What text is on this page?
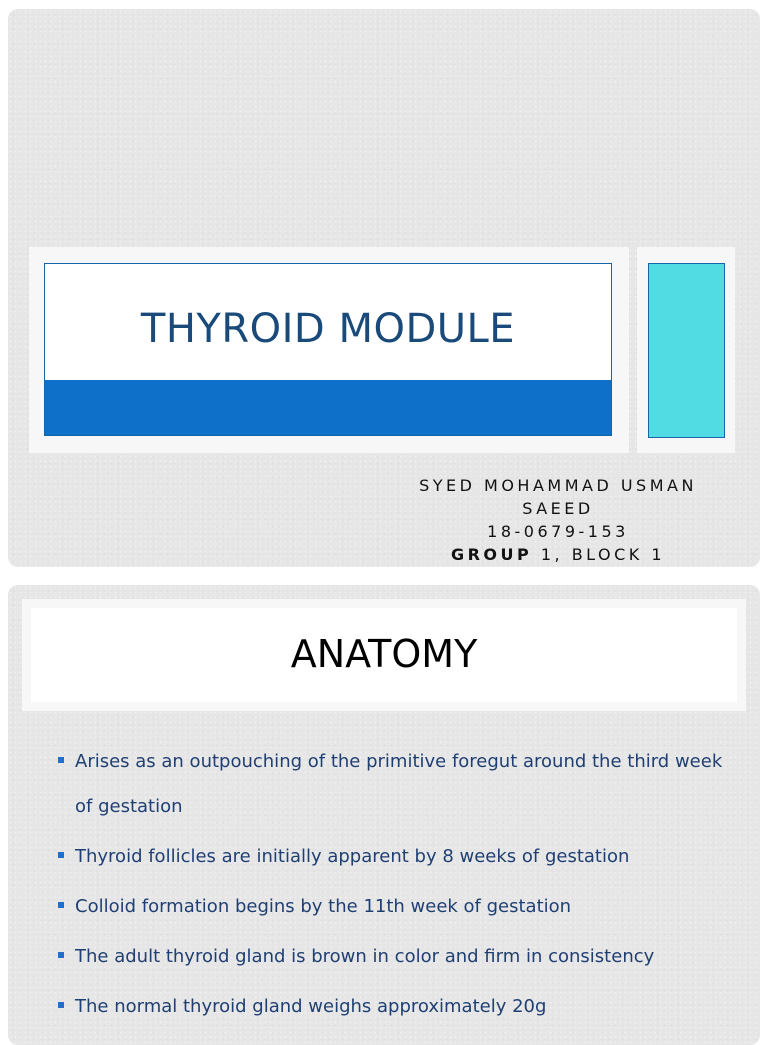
THYROID MODULE
SYED MOHAMMAD USMAN
SAEED
18-0679-153
GROUP 1, BLOCK 1
ANATOMY
Arises as an outpouching of the primitive foregut around the third week of gestation
Thyroid follicles are initially apparent by 8 weeks of gestation
Colloid formation begins by the 11th week of gestation
The adult thyroid gland is brown in color and firm in consistency
The normal thyroid gland weighs approximately 20g
